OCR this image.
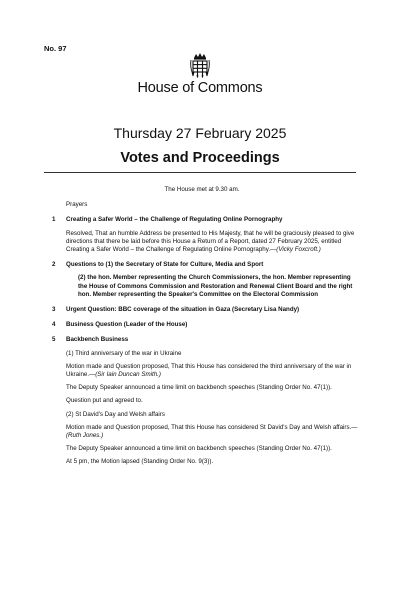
No. 97
House of Commons
Thursday 27 February 2025
Votes and Proceedings

The House met at 9.30 am.

Prayers

1 Creating a Safer World – the Challenge of Regulating Online Pornography

Resolved, That an humble Address be presented to His Majesty, that he will be graciously pleased to give directions that there be laid before this House a Return of a Report, dated 27 February 2025, entitled Creating a Safer World – the Challenge of Regulating Online Pornography.—(Vicky Foxcroft.)

2 Questions to (1) the Secretary of State for Culture, Media and Sport

(2) the hon. Member representing the Church Commissioners, the hon. Member representing the House of Commons Commission and Restoration and Renewal Client Board and the right hon. Member representing the Speaker's Committee on the Electoral Commission

3 Urgent Question: BBC coverage of the situation in Gaza (Secretary Lisa Nandy)

4 Business Question (Leader of the House)

5 Backbench Business

(1) Third anniversary of the war in Ukraine

Motion made and Question proposed, That this House has considered the third anniversary of the war in Ukraine.—(Sir Iain Duncan Smith.)

The Deputy Speaker announced a time limit on backbench speeches (Standing Order No. 47(1)).

Question put and agreed to.

(2) St David's Day and Welsh affairs

Motion made and Question proposed, That this House has considered St David's Day and Welsh affairs.—(Ruth Jones.)

The Deputy Speaker announced a time limit on backbench speeches (Standing Order No. 47(1)).

At 5 pm, the Motion lapsed (Standing Order No. 9(3)).
